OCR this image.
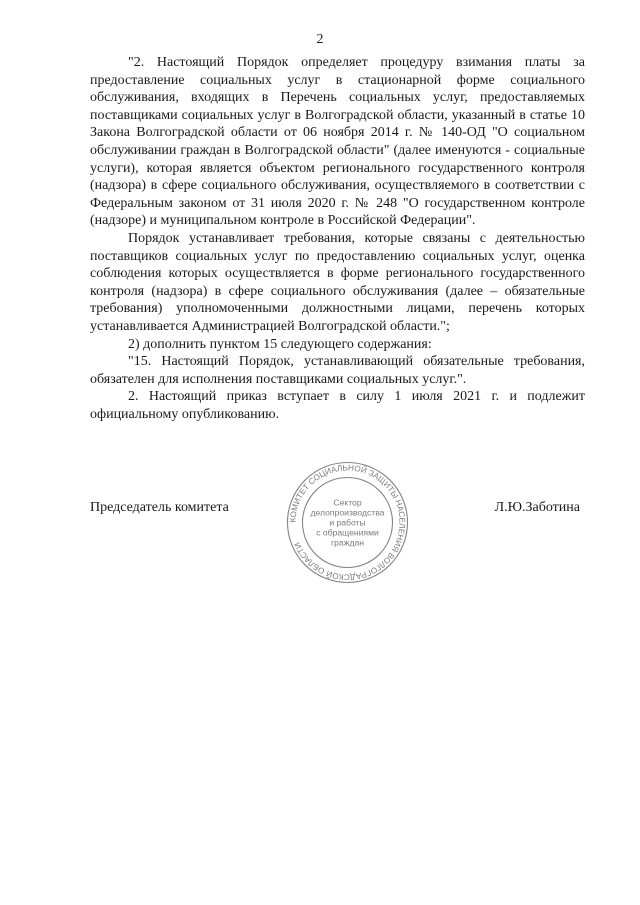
2

"2. Настоящий Порядок определяет процедуру взимания платы за предоставление социальных услуг в стационарной форме социального обслуживания, входящих в Перечень социальных услуг, предоставляемых поставщиками социальных услуг в Волгоградской области, указанный в статье 10 Закона Волгоградской области от 06 ноября 2014 г. № 140-ОД "О социальном обслуживании граждан в Волгоградской области" (далее именуются - социальные услуги), которая является объектом регионального государственного контроля (надзора) в сфере социального обслуживания, осуществляемого в соответствии с Федеральным законом от 31 июля 2020 г. № 248 "О государственном контроле (надзоре) и муниципальном контроле в Российской Федерации".

Порядок устанавливает требования, которые связаны с деятельностью поставщиков социальных услуг по предоставлению социальных услуг, оценка соблюдения которых осуществляется в форме регионального государственного контроля (надзора) в сфере социального обслуживания (далее – обязательные требования) уполномоченными должностными лицами, перечень которых устанавливается Администрацией Волгоградской области.";

2) дополнить пунктом 15 следующего содержания:

"15. Настоящий Порядок, устанавливающий обязательные требования, обязателен для исполнения поставщиками социальных услуг.".

2. Настоящий приказ вступает в силу 1 июля 2021 г. и подлежит официальному опубликованию.

Председатель комитета	Л.Ю.Заботина
КОМИТЕТ СОЦИАЛЬНОЙ ЗАЩИТЫ НАСЕЛЕНИЯ ВОЛГОГРАДСКОЙ ОБЛАСТИ
Сектор
делопроизводства
и работы
с обращениями
граждан
